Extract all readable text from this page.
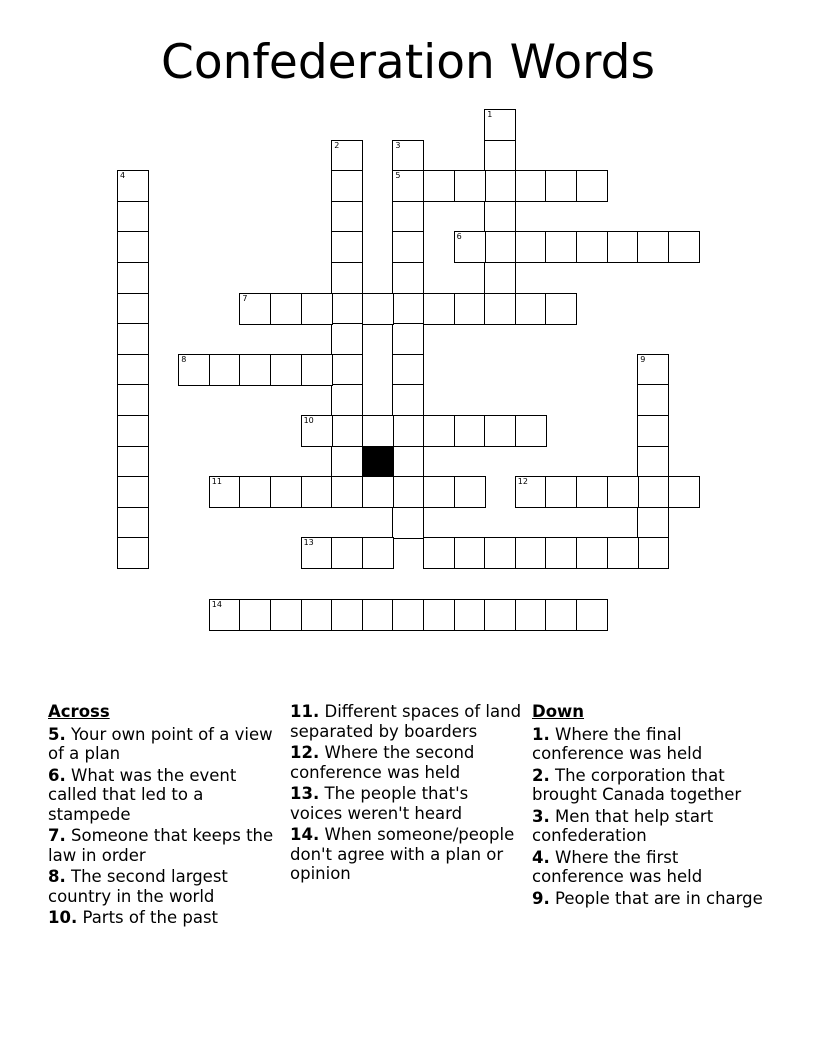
Confederation Words
1
2	3
5
4
6
7
8	9
10
11	12
13
14
Across
5. Your own point of a view of a plan
6. What was the event called that led to a stampede
7. Someone that keeps the law in order
8. The second largest country in the world
10. Parts of the past
11. Different spaces of land separated by boarders
12. Where the second conference was held
13. The people that's voices weren't heard
14. When someone/people don't agree with a plan or opinion
Down
1. Where the final conference was held
2. The corporation that brought Canada together
3. Men that help start confederation
4. Where the first conference was held
9. People that are in charge
